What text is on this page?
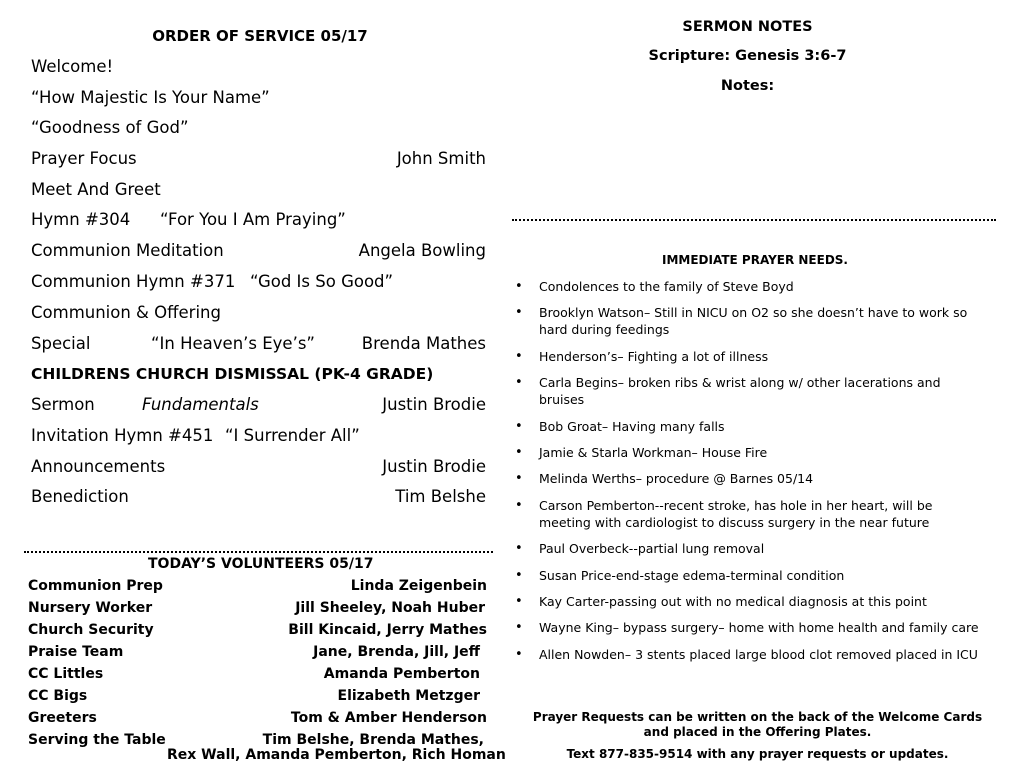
ORDER OF SERVICE 05/17
Welcome!
“How Majestic Is Your Name”
“Goodness of God”
Prayer Focus	John Smith
Meet And Greet
Hymn #304 “For You I Am Praying”
Communion Meditation	Angela Bowling
Communion Hymn #371 “God Is So Good”
Communion & Offering
Special	“In Heaven’s Eye’s”	Brenda Mathes
CHILDRENS CHURCH DISMISSAL (PK-4 GRADE)
Sermon	Fundamentals	Justin Brodie
Invitation Hymn #451 “I Surrender All”
Announcements	Justin Brodie
Benediction	Tim Belshe
TODAY’S VOLUNTEERS 05/17
Communion Prep	Linda Zeigenbein
Nursery Worker	Jill Sheeley, Noah Huber
Church Security	Bill Kincaid, Jerry Mathes
Praise Team	Jane, Brenda, Jill, Jeff
CC Littles	Amanda Pemberton
CC Bigs	Elizabeth Metzger
Greeters	Tom & Amber Henderson
Serving the Table	Tim Belshe, Brenda Mathes,
Rex Wall, Amanda Pemberton, Rich Homan
SERMON NOTES
Scripture: Genesis 3:6-7
Notes:
IMMEDIATE PRAYER NEEDS.
• Condolences to the family of Steve Boyd
• Brooklyn Watson– Still in NICU on O2 so she doesn’t have to work so hard during feedings
• Henderson’s– Fighting a lot of illness
• Carla Begins– broken ribs & wrist along w/ other lacerations and bruises
• Bob Groat– Having many falls
• Jamie & Starla Workman– House Fire
• Melinda Werths– procedure @ Barnes 05/14
• Carson Pemberton--recent stroke, has hole in her heart, will be meeting with cardiologist to discuss surgery in the near future
• Paul Overbeck--partial lung removal
• Susan Price-end-stage edema-terminal condition
• Kay Carter-passing out with no medical diagnosis at this point
• Wayne King– bypass surgery– home with home health and family care
• Allen Nowden– 3 stents placed large blood clot removed placed in ICU
Prayer Requests can be written on the back of the Welcome Cards
and placed in the Offering Plates.
Text 877-835-9514 with any prayer requests or updates.
